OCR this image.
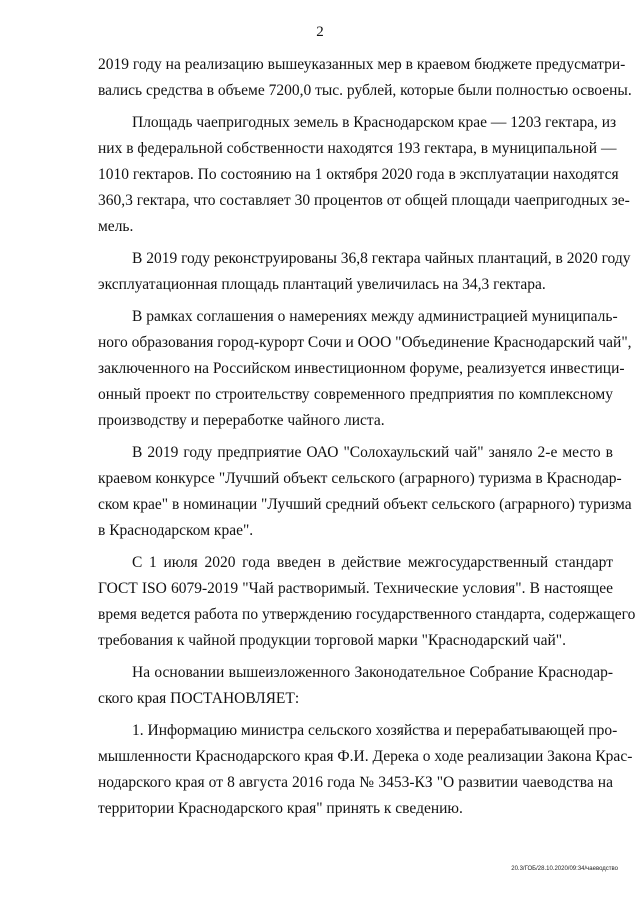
2
2019 году на реализацию вышеуказанных мер в краевом бюджете предусматри-
вались средства в объеме 7200,0 тыс. рублей, которые были полностью освоены.
Площадь чаепригодных земель в Краснодарском крае — 1203 гектара, из
них в федеральной собственности находятся 193 гектара, в муниципальной —
1010 гектаров. По состоянию на 1 октября 2020 года в эксплуатации находятся
360,3 гектара, что составляет 30 процентов от общей площади чаепригодных зе-
мель.
В 2019 году реконструированы 36,8 гектара чайных плантаций, в 2020 году
эксплуатационная площадь плантаций увеличилась на 34,3 гектара.
В рамках соглашения о намерениях между администрацией муниципаль-
ного образования город-курорт Сочи и ООО "Объединение Краснодарский чай",
заключенного на Российском инвестиционном форуме, реализуется инвестици-
онный проект по строительству современного предприятия по комплексному
производству и переработке чайного листа.
В 2019 году предприятие ОАО "Солохаульский чай" заняло 2-е место в
краевом конкурсе "Лучший объект сельского (аграрного) туризма в Краснодар-
ском крае" в номинации "Лучший средний объект сельского (аграрного) туризма
в Краснодарском крае".
С 1 июля 2020 года введен в действие межгосударственный стандарт
ГОСТ ISO 6079-2019 "Чай растворимый. Технические условия". В настоящее
время ведется работа по утверждению государственного стандарта, содержащего
требования к чайной продукции торговой марки "Краснодарский чай".
На основании вышеизложенного Законодательное Собрание Краснодар-
ского края ПОСТАНОВЛЯЕТ:
1. Информацию министра сельского хозяйства и перерабатывающей про-
мышленности Краснодарского края Ф.И. Дерека о ходе реализации Закона Крас-
нодарского края от 8 августа 2016 года № 3453-КЗ "О развитии чаеводства на
территории Краснодарского края" принять к сведению.
20.3/ГОБ/28.10.2020/09:34/чаеводство
